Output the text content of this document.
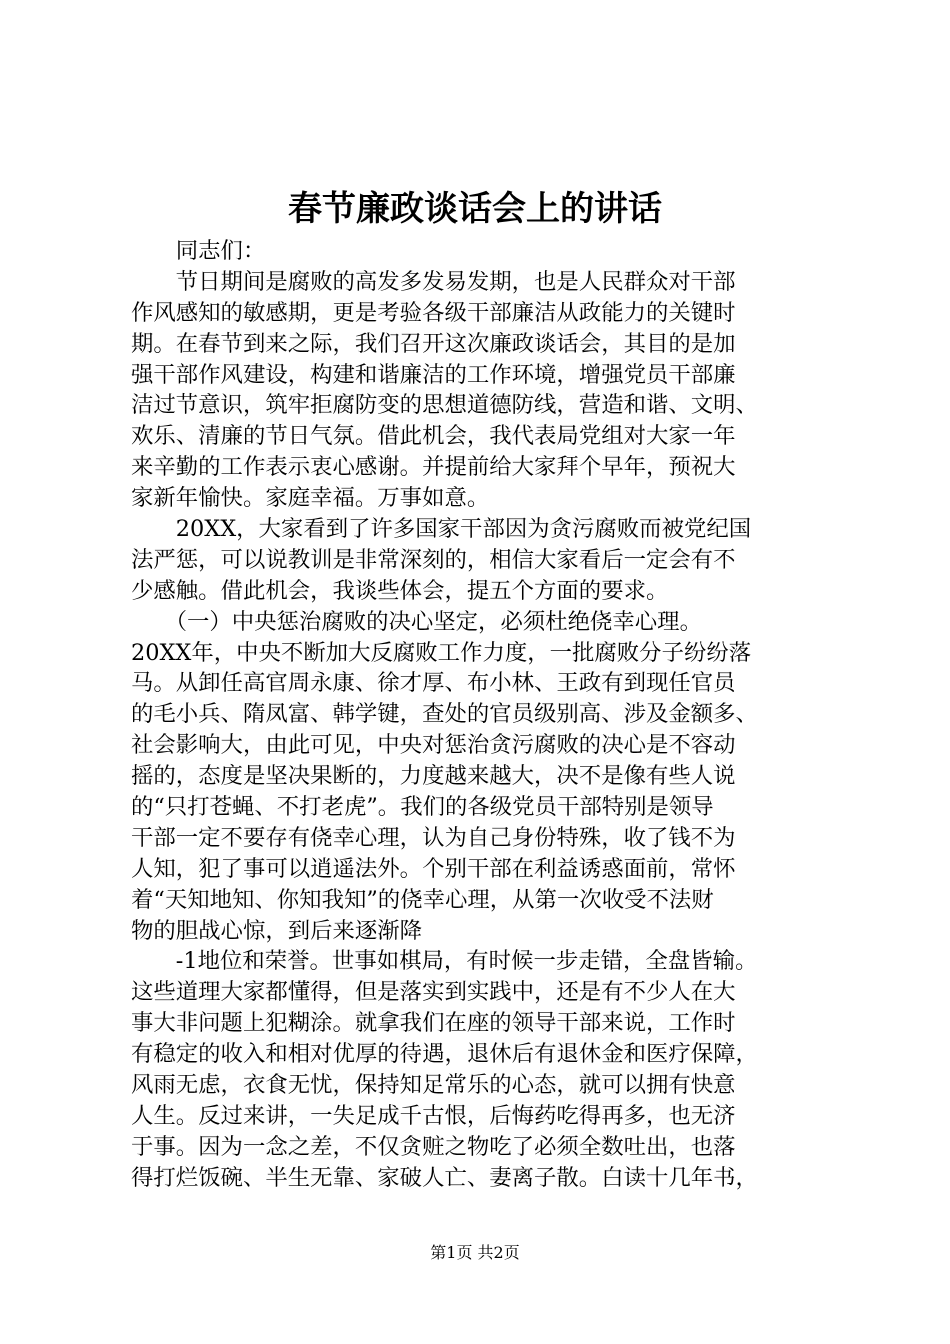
春节廉政谈话会上的讲话
　　同志们：
　　节日期间是腐败的高发多发易发期，也是人民群众对干部
作风感知的敏感期，更是考验各级干部廉洁从政能力的关键时
期。在春节到来之际，我们召开这次廉政谈话会，其目的是加
强干部作风建设，构建和谐廉洁的工作环境，增强党员干部廉
洁过节意识，筑牢拒腐防变的思想道德防线，营造和谐、文明、
欢乐、清廉的节日气氛。借此机会，我代表局党组对大家一年
来辛勤的工作表示衷心感谢。并提前给大家拜个早年，预祝大
家新年愉快。家庭幸福。万事如意。
　　20XX，大家看到了许多国家干部因为贪污腐败而被党纪国
法严惩，可以说教训是非常深刻的，相信大家看后一定会有不
少感触。借此机会，我谈些体会，提五个方面的要求。
　　（一）中央惩治腐败的决心坚定，必须杜绝侥幸心理。
20XX年，中央不断加大反腐败工作力度，一批腐败分子纷纷落
马。从卸任高官周永康、徐才厚、布小林、王政有到现任官员
的毛小兵、隋凤富、韩学键，查处的官员级别高、涉及金额多、
社会影响大，由此可见，中央对惩治贪污腐败的决心是不容动
摇的，态度是坚决果断的，力度越来越大，决不是像有些人说
的“只打苍蝇、不打老虎”。我们的各级党员干部特别是领导
干部一定不要存有侥幸心理，认为自己身份特殊，收了钱不为
人知，犯了事可以逍遥法外。个别干部在利益诱惑面前，常怀
着“天知地知、你知我知”的侥幸心理，从第一次收受不法财
物的胆战心惊，到后来逐渐降
　　-1地位和荣誉。世事如棋局，有时候一步走错，全盘皆输。
这些道理大家都懂得，但是落实到实践中，还是有不少人在大
事大非问题上犯糊涂。就拿我们在座的领导干部来说，工作时
有稳定的收入和相对优厚的待遇，退休后有退休金和医疗保障，
风雨无虑，衣食无忧，保持知足常乐的心态，就可以拥有快意
人生。反过来讲，一失足成千古恨，后悔药吃得再多，也无济
于事。因为一念之差，不仅贪赃之物吃了必须全数吐出，也落
得打烂饭碗、半生无靠、家破人亡、妻离子散。白读十几年书，
第1页 共2页
